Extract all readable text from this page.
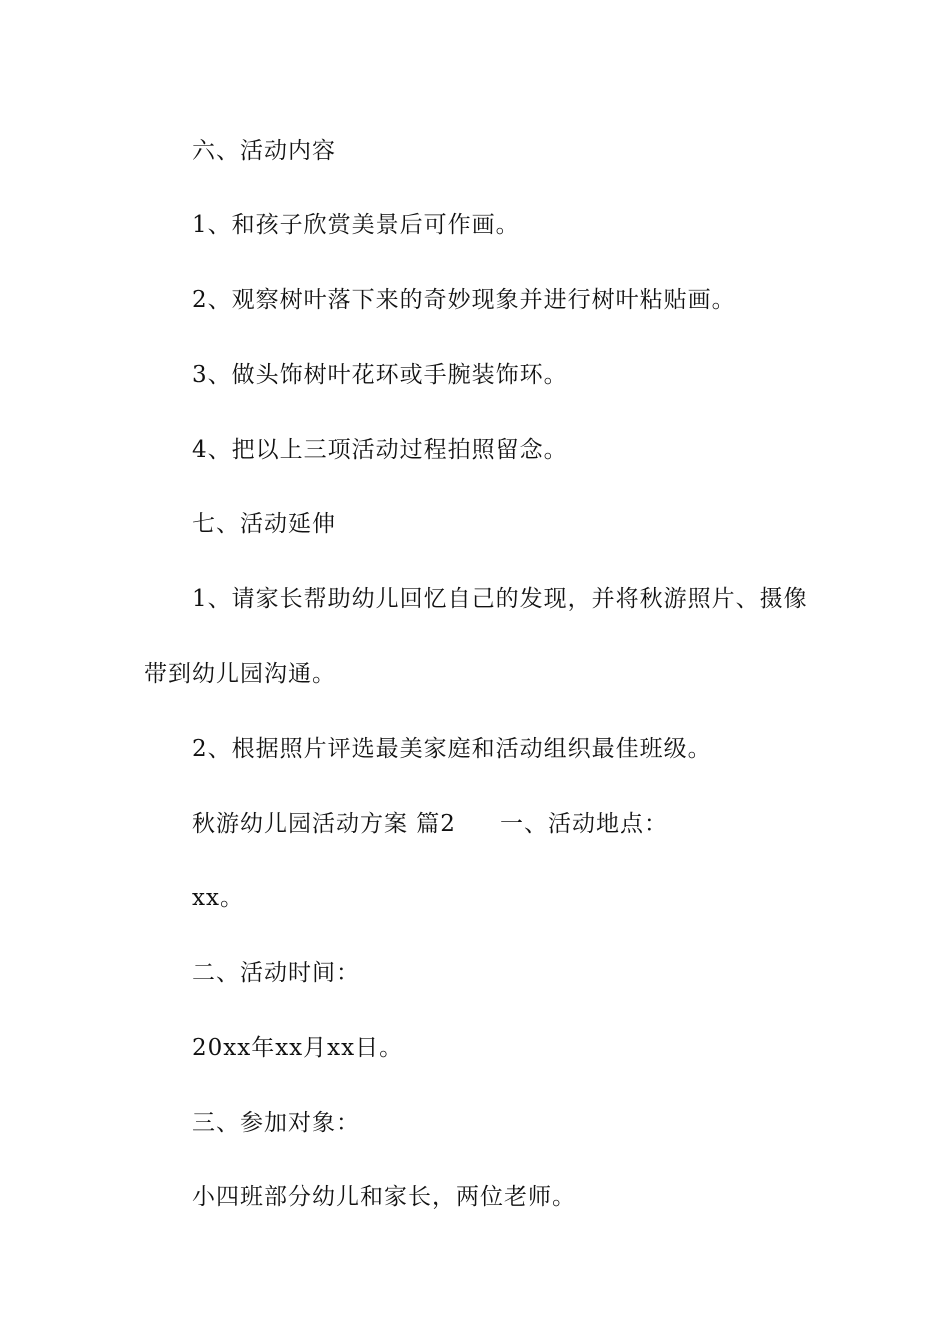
六、活动内容
1、和孩子欣赏美景后可作画。
2、观察树叶落下来的奇妙现象并进行树叶粘贴画。
3、做头饰树叶花环或手腕装饰环。
4、把以上三项活动过程拍照留念。
七、活动延伸
1、请家长帮助幼儿回忆自己的发现，并将秋游照片、摄像
带到幼儿园沟通。
2、根据照片评选最美家庭和活动组织最佳班级。
秋游幼儿园活动方案 篇2 一、活动地点：
xx。
二、活动时间：
20xx年xx月xx日。
三、参加对象：
小四班部分幼儿和家长，两位老师。
